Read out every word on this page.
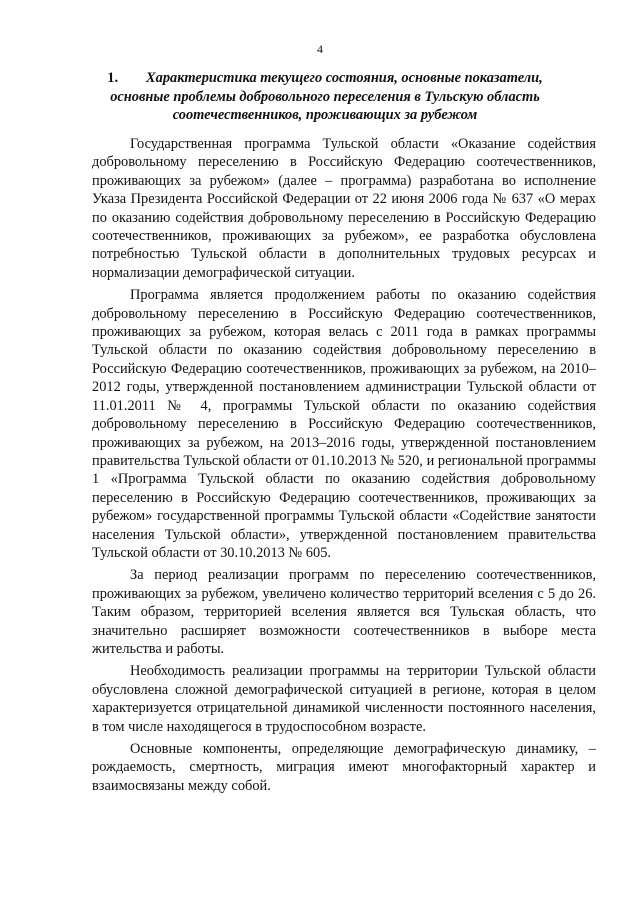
4
1. Характеристика текущего состояния, основные показатели, основные проблемы добровольного переселения в Тульскую область соотечественников, проживающих за рубежом

Государственная программа Тульской области «Оказание содействия добровольному переселению в Российскую Федерацию соотечественников, проживающих за рубежом» (далее – программа) разработана во исполнение Указа Президента Российской Федерации от 22 июня 2006 года № 637 «О мерах по оказанию содействия добровольному переселению в Российскую Федерацию соотечественников, проживающих за рубежом», ее разработка обусловлена потребностью Тульской области в дополнительных трудовых ресурсах и нормализации демографической ситуации.

Программа является продолжением работы по оказанию содействия добровольному переселению в Российскую Федерацию соотечественников, проживающих за рубежом, которая велась с 2011 года в рамках программы Тульской области по оказанию содействия добровольному переселению в Российскую Федерацию соотечественников, проживающих за рубежом, на 2010–2012 годы, утвержденной постановлением администрации Тульской области от 11.01.2011 № 4, программы Тульской области по оказанию содействия добровольному переселению в Российскую Федерацию соотечественников, проживающих за рубежом, на 2013–2016 годы, утвержденной постановлением правительства Тульской области от 01.10.2013 № 520, и региональной программы 1 «Программа Тульской области по оказанию содействия добровольному переселению в Российскую Федерацию соотечественников, проживающих за рубежом» государственной программы Тульской области «Содействие занятости населения Тульской области», утвержденной постановлением правительства Тульской области от 30.10.2013 № 605.

За период реализации программ по переселению соотечественников, проживающих за рубежом, увеличено количество территорий вселения с 5 до 26. Таким образом, территорией вселения является вся Тульская область, что значительно расширяет возможности соотечественников в выборе места жительства и работы.

Необходимость реализации программы на территории Тульской области обусловлена сложной демографической ситуацией в регионе, которая в целом характеризуется отрицательной динамикой численности постоянного населения, в том числе находящегося в трудоспособном возрасте.

Основные компоненты, определяющие демографическую динамику, – рождаемость, смертность, миграция имеют многофакторный характер и взаимосвязаны между собой.
